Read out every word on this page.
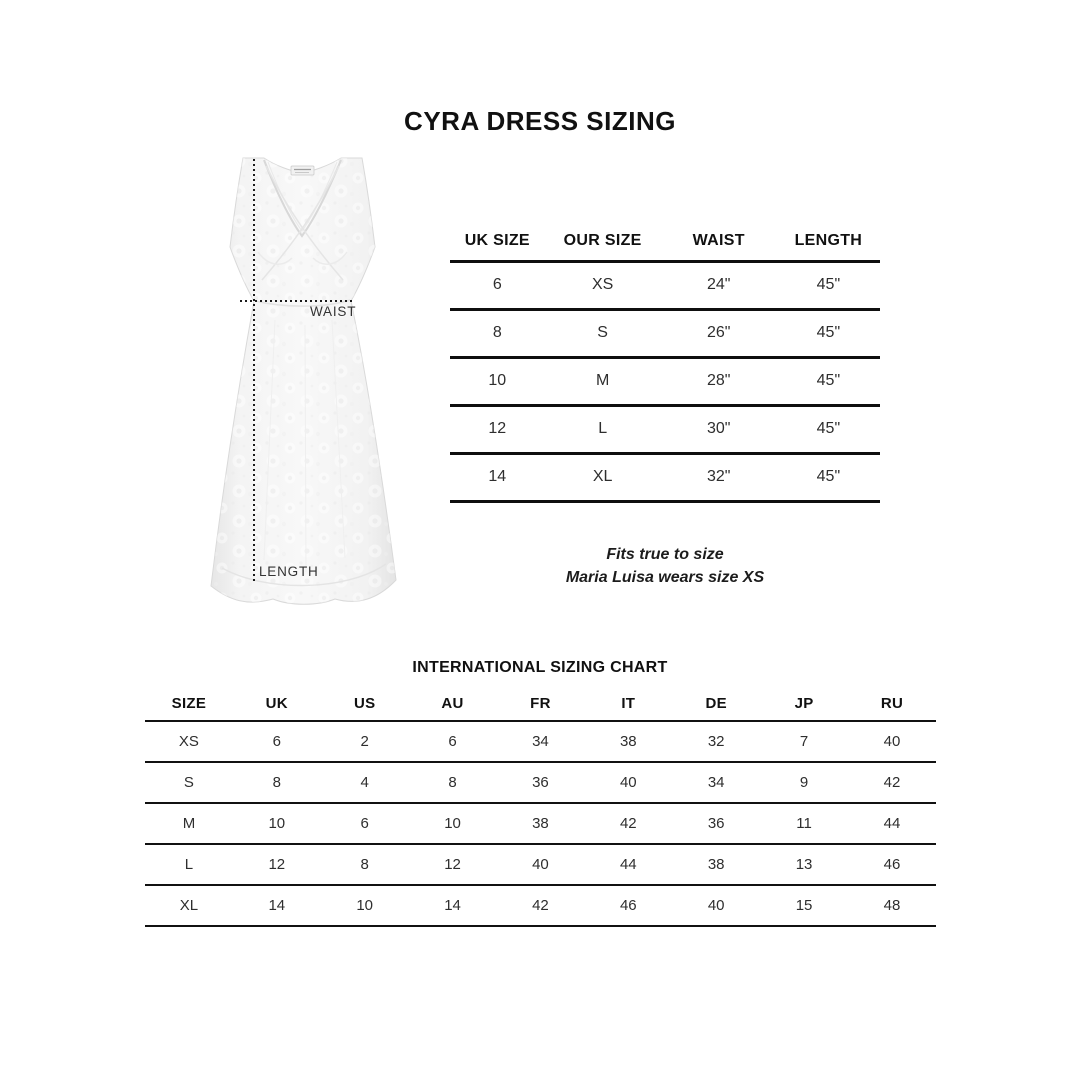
CYRA DRESS SIZING
WAIST
LENGTH
UK SIZE	OUR SIZE	WAIST	LENGTH
6	XS	24"	45"
8	S	26"	45"
10	M	28"	45"
12	L	30"	45"
14	XL	32"	45"
Fits true to size
Maria Luisa wears size XS
INTERNATIONAL SIZING CHART
SIZE	UK	US	AU	FR	IT	DE	JP	RU
XS	6	2	6	34	38	32	7	40
S	8	4	8	36	40	34	9	42
M	10	6	10	38	42	36	11	44
L	12	8	12	40	44	38	13	46
XL	14	10	14	42	46	40	15	48
